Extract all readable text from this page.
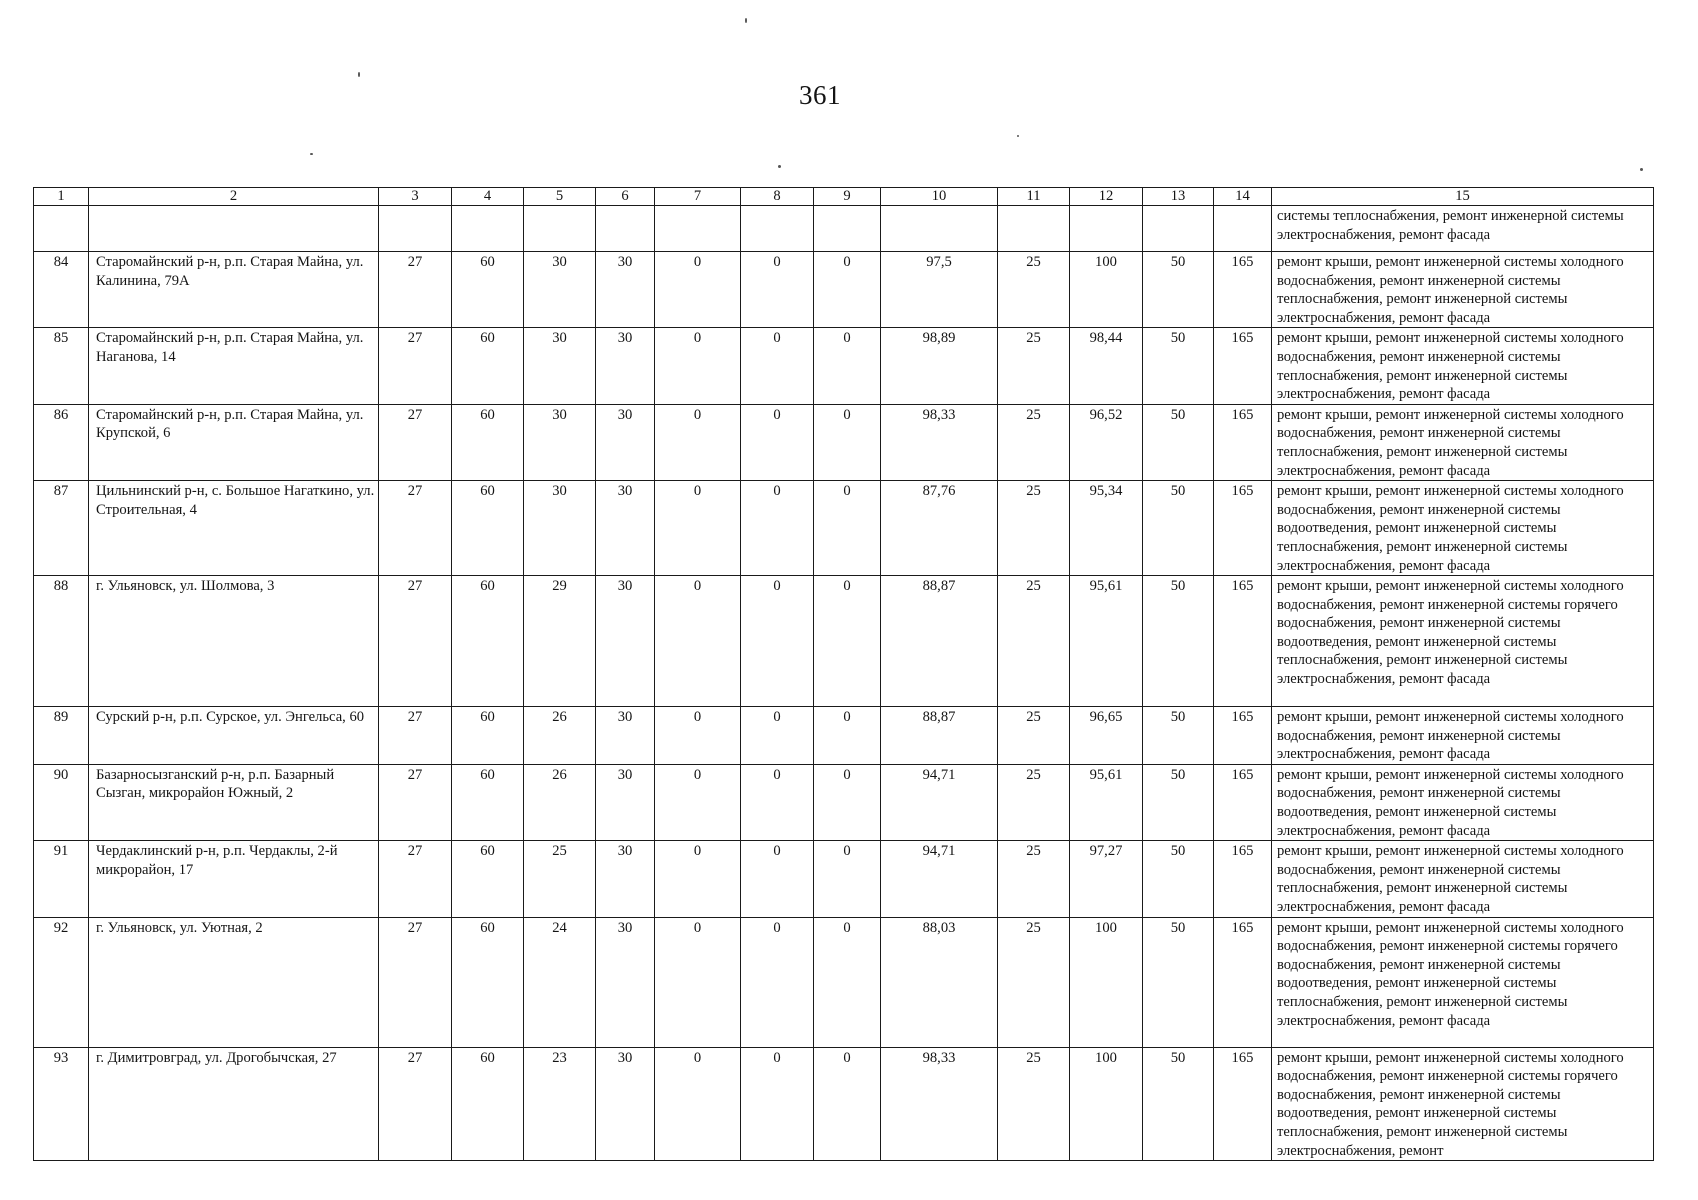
361
1	2	3	4	5	6	7	8	9	10	11	12	13	14	15
														системы теплоснабжения, ремонт инженерной системы электроснабжения, ремонт фасада
84	Старомайнский р-н, р.п. Старая Майна, ул. Калинина, 79А	27	60	30	30	0	0	0	97,5	25	100	50	165	ремонт крыши, ремонт инженерной системы холодного водоснабжения, ремонт инженерной системы теплоснабжения, ремонт инженерной системы электроснабжения, ремонт фасада
85	Старомайнский р-н, р.п. Старая Майна, ул. Наганова, 14	27	60	30	30	0	0	0	98,89	25	98,44	50	165	ремонт крыши, ремонт инженерной системы холодного водоснабжения, ремонт инженерной системы теплоснабжения, ремонт инженерной системы электроснабжения, ремонт фасада
86	Старомайнский р-н, р.п. Старая Майна, ул. Крупской, 6	27	60	30	30	0	0	0	98,33	25	96,52	50	165	ремонт крыши, ремонт инженерной системы холодного водоснабжения, ремонт инженерной системы теплоснабжения, ремонт инженерной системы электроснабжения, ремонт фасада
87	Цильнинский р-н, с. Большое Нагаткино, ул. Строительная, 4	27	60	30	30	0	0	0	87,76	25	95,34	50	165	ремонт крыши, ремонт инженерной системы холодного водоснабжения, ремонт инженерной системы водоотведения, ремонт инженерной системы теплоснабжения, ремонт инженерной системы электроснабжения, ремонт фасада
88	г. Ульяновск, ул. Шолмова, 3	27	60	29	30	0	0	0	88,87	25	95,61	50	165	ремонт крыши, ремонт инженерной системы холодного водоснабжения, ремонт инженерной системы горячего водоснабжения, ремонт инженерной системы водоотведения, ремонт инженерной системы теплоснабжения, ремонт инженерной системы электроснабжения, ремонт фасада
89	Сурский р-н, р.п. Сурское, ул. Энгельса, 60	27	60	26	30	0	0	0	88,87	25	96,65	50	165	ремонт крыши, ремонт инженерной системы холодного водоснабжения, ремонт инженерной системы электроснабжения, ремонт фасада
90	Базарносызганский р-н, р.п. Базарный Сызган, микрорайон Южный, 2	27	60	26	30	0	0	0	94,71	25	95,61	50	165	ремонт крыши, ремонт инженерной системы холодного водоснабжения, ремонт инженерной системы водоотведения, ремонт инженерной системы электроснабжения, ремонт фасада
91	Чердаклинский р-н, р.п. Чердаклы, 2-й микрорайон, 17	27	60	25	30	0	0	0	94,71	25	97,27	50	165	ремонт крыши, ремонт инженерной системы холодного водоснабжения, ремонт инженерной системы теплоснабжения, ремонт инженерной системы электроснабжения, ремонт фасада
92	г. Ульяновск, ул. Уютная, 2	27	60	24	30	0	0	0	88,03	25	100	50	165	ремонт крыши, ремонт инженерной системы холодного водоснабжения, ремонт инженерной системы горячего водоснабжения, ремонт инженерной системы водоотведения, ремонт инженерной системы теплоснабжения, ремонт инженерной системы электроснабжения, ремонт фасада
93	г. Димитровград, ул. Дрогобычская, 27	27	60	23	30	0	0	0	98,33	25	100	50	165	ремонт крыши, ремонт инженерной системы холодного водоснабжения, ремонт инженерной системы горячего водоснабжения, ремонт инженерной системы водоотведения, ремонт инженерной системы теплоснабжения, ремонт инженерной системы электроснабжения, ремонт
